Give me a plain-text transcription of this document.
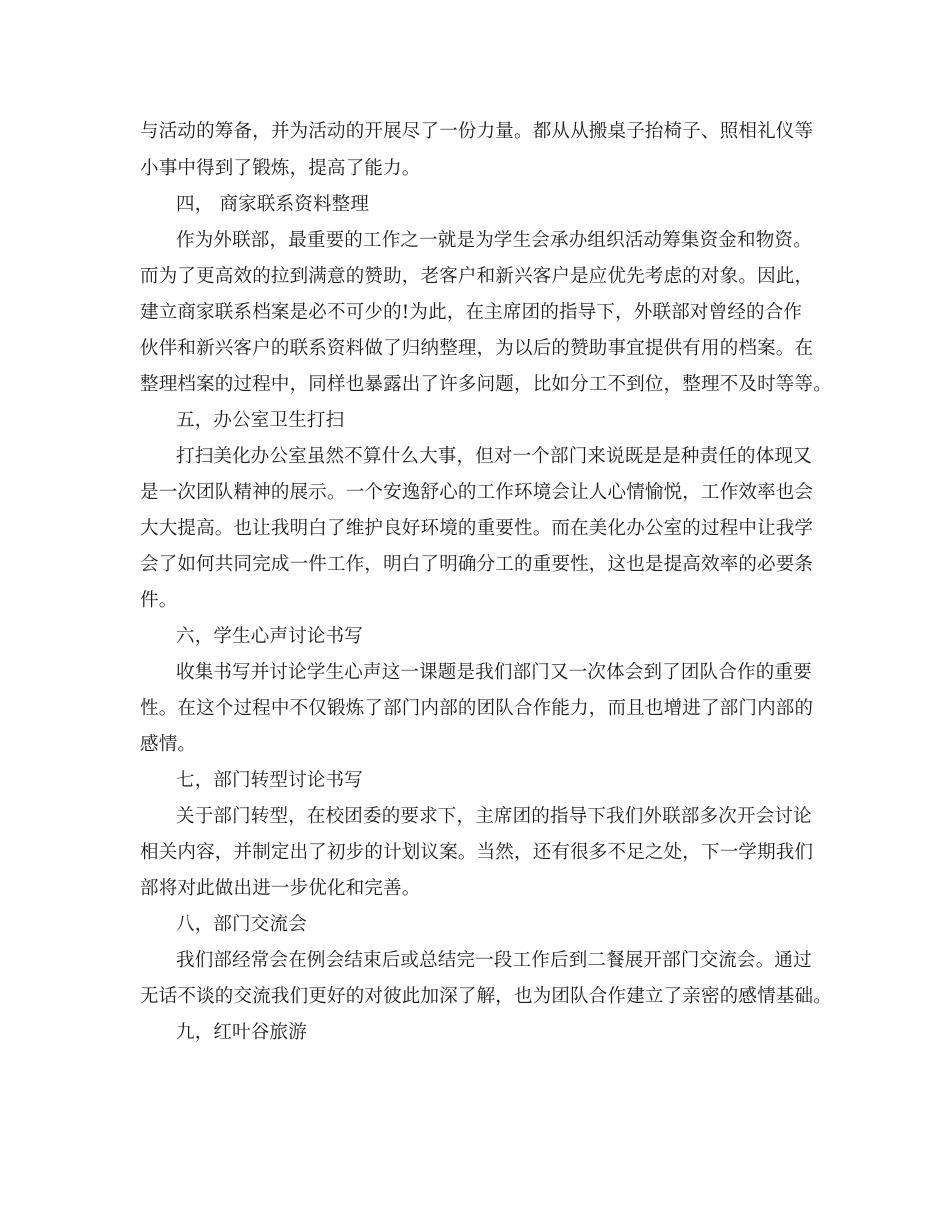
与活动的筹备，并为活动的开展尽了一份力量。都从从搬桌子抬椅子、照相礼仪等
小事中得到了锻炼，提高了能力。
四， 商家联系资料整理
作为外联部，最重要的工作之一就是为学生会承办组织活动筹集资金和物资。
而为了更高效的拉到满意的赞助，老客户和新兴客户是应优先考虑的对象。因此，
建立商家联系档案是必不可少的!为此，在主席团的指导下，外联部对曾经的合作
伙伴和新兴客户的联系资料做了归纳整理，为以后的赞助事宜提供有用的档案。在
整理档案的过程中，同样也暴露出了许多问题，比如分工不到位，整理不及时等等。
五，办公室卫生打扫
打扫美化办公室虽然不算什么大事，但对一个部门来说既是是种责任的体现又
是一次团队精神的展示。一个安逸舒心的工作环境会让人心情愉悦，工作效率也会
大大提高。也让我明白了维护良好环境的重要性。而在美化办公室的过程中让我学
会了如何共同完成一件工作，明白了明确分工的重要性，这也是提高效率的必要条
件。
六，学生心声讨论书写
收集书写并讨论学生心声这一课题是我们部门又一次体会到了团队合作的重要
性。在这个过程中不仅锻炼了部门内部的团队合作能力，而且也增进了部门内部的
感情。
七，部门转型讨论书写
关于部门转型，在校团委的要求下，主席团的指导下我们外联部多次开会讨论
相关内容，并制定出了初步的计划议案。当然，还有很多不足之处，下一学期我们
部将对此做出进一步优化和完善。
八，部门交流会
我们部经常会在例会结束后或总结完一段工作后到二餐展开部门交流会。通过
无话不谈的交流我们更好的对彼此加深了解，也为团队合作建立了亲密的感情基础。
九，红叶谷旅游
